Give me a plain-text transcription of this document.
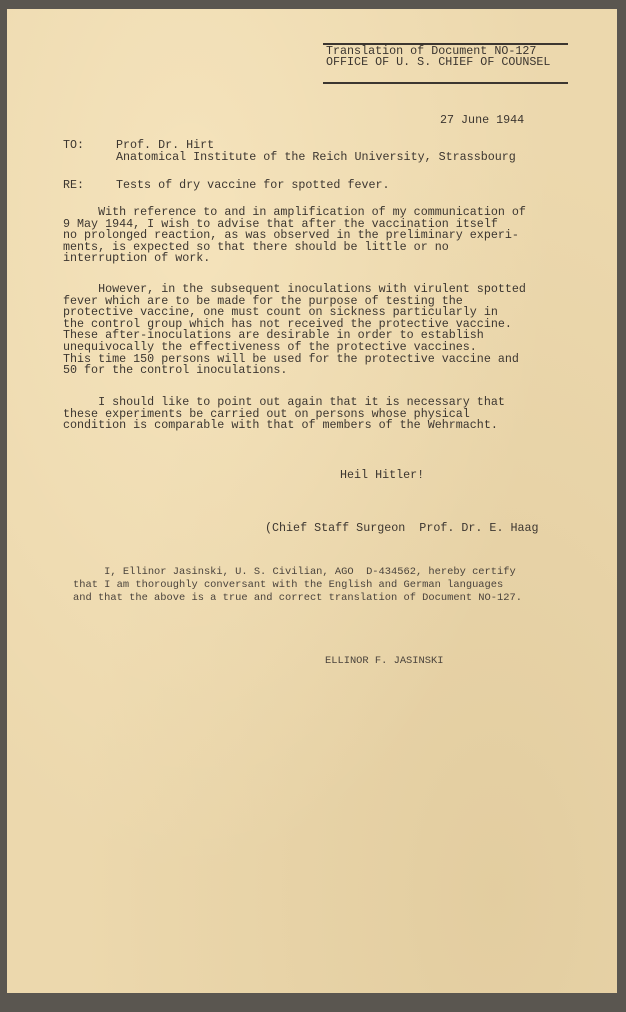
Translation of Document NO-127

OFFICE OF U. S. CHIEF OF COUNSEL

27 June 1944

TO:	Prof. Dr. Hirt

Anatomical Institute of the Reich University, Strassbourg

RE:	Tests of dry vaccine for spotted fever.

With reference to and in amplification of my communication of
9 May 1944, I wish to advise that after the vaccination itself
no prolonged reaction, as was observed in the preliminary experi-
ments, is expected so that there should be little or no
interruption of work.

However, in the subsequent inoculations with virulent spotted
fever which are to be made for the purpose of testing the
protective vaccine, one must count on sickness particularly in
the control group which has not received the protective vaccine.
These after-inoculations are desirable in order to establish
unequivocally the effectiveness of the protective vaccines.
This time 150 persons will be used for the protective vaccine and
50 for the control inoculations.

I should like to point out again that it is necessary that
these experiments be carried out on persons whose physical
condition is comparable with that of members of the Wehrmacht.

Heil Hitler!

(Chief Staff Surgeon  Prof. Dr. E. Haag

I, Ellinor Jasinski, U. S. Civilian, AGO  D-434562, hereby certify
that I am thoroughly conversant with the English and German languages
and that the above is a true and correct translation of Document NO-127.

ELLINOR F. JASINSKI
